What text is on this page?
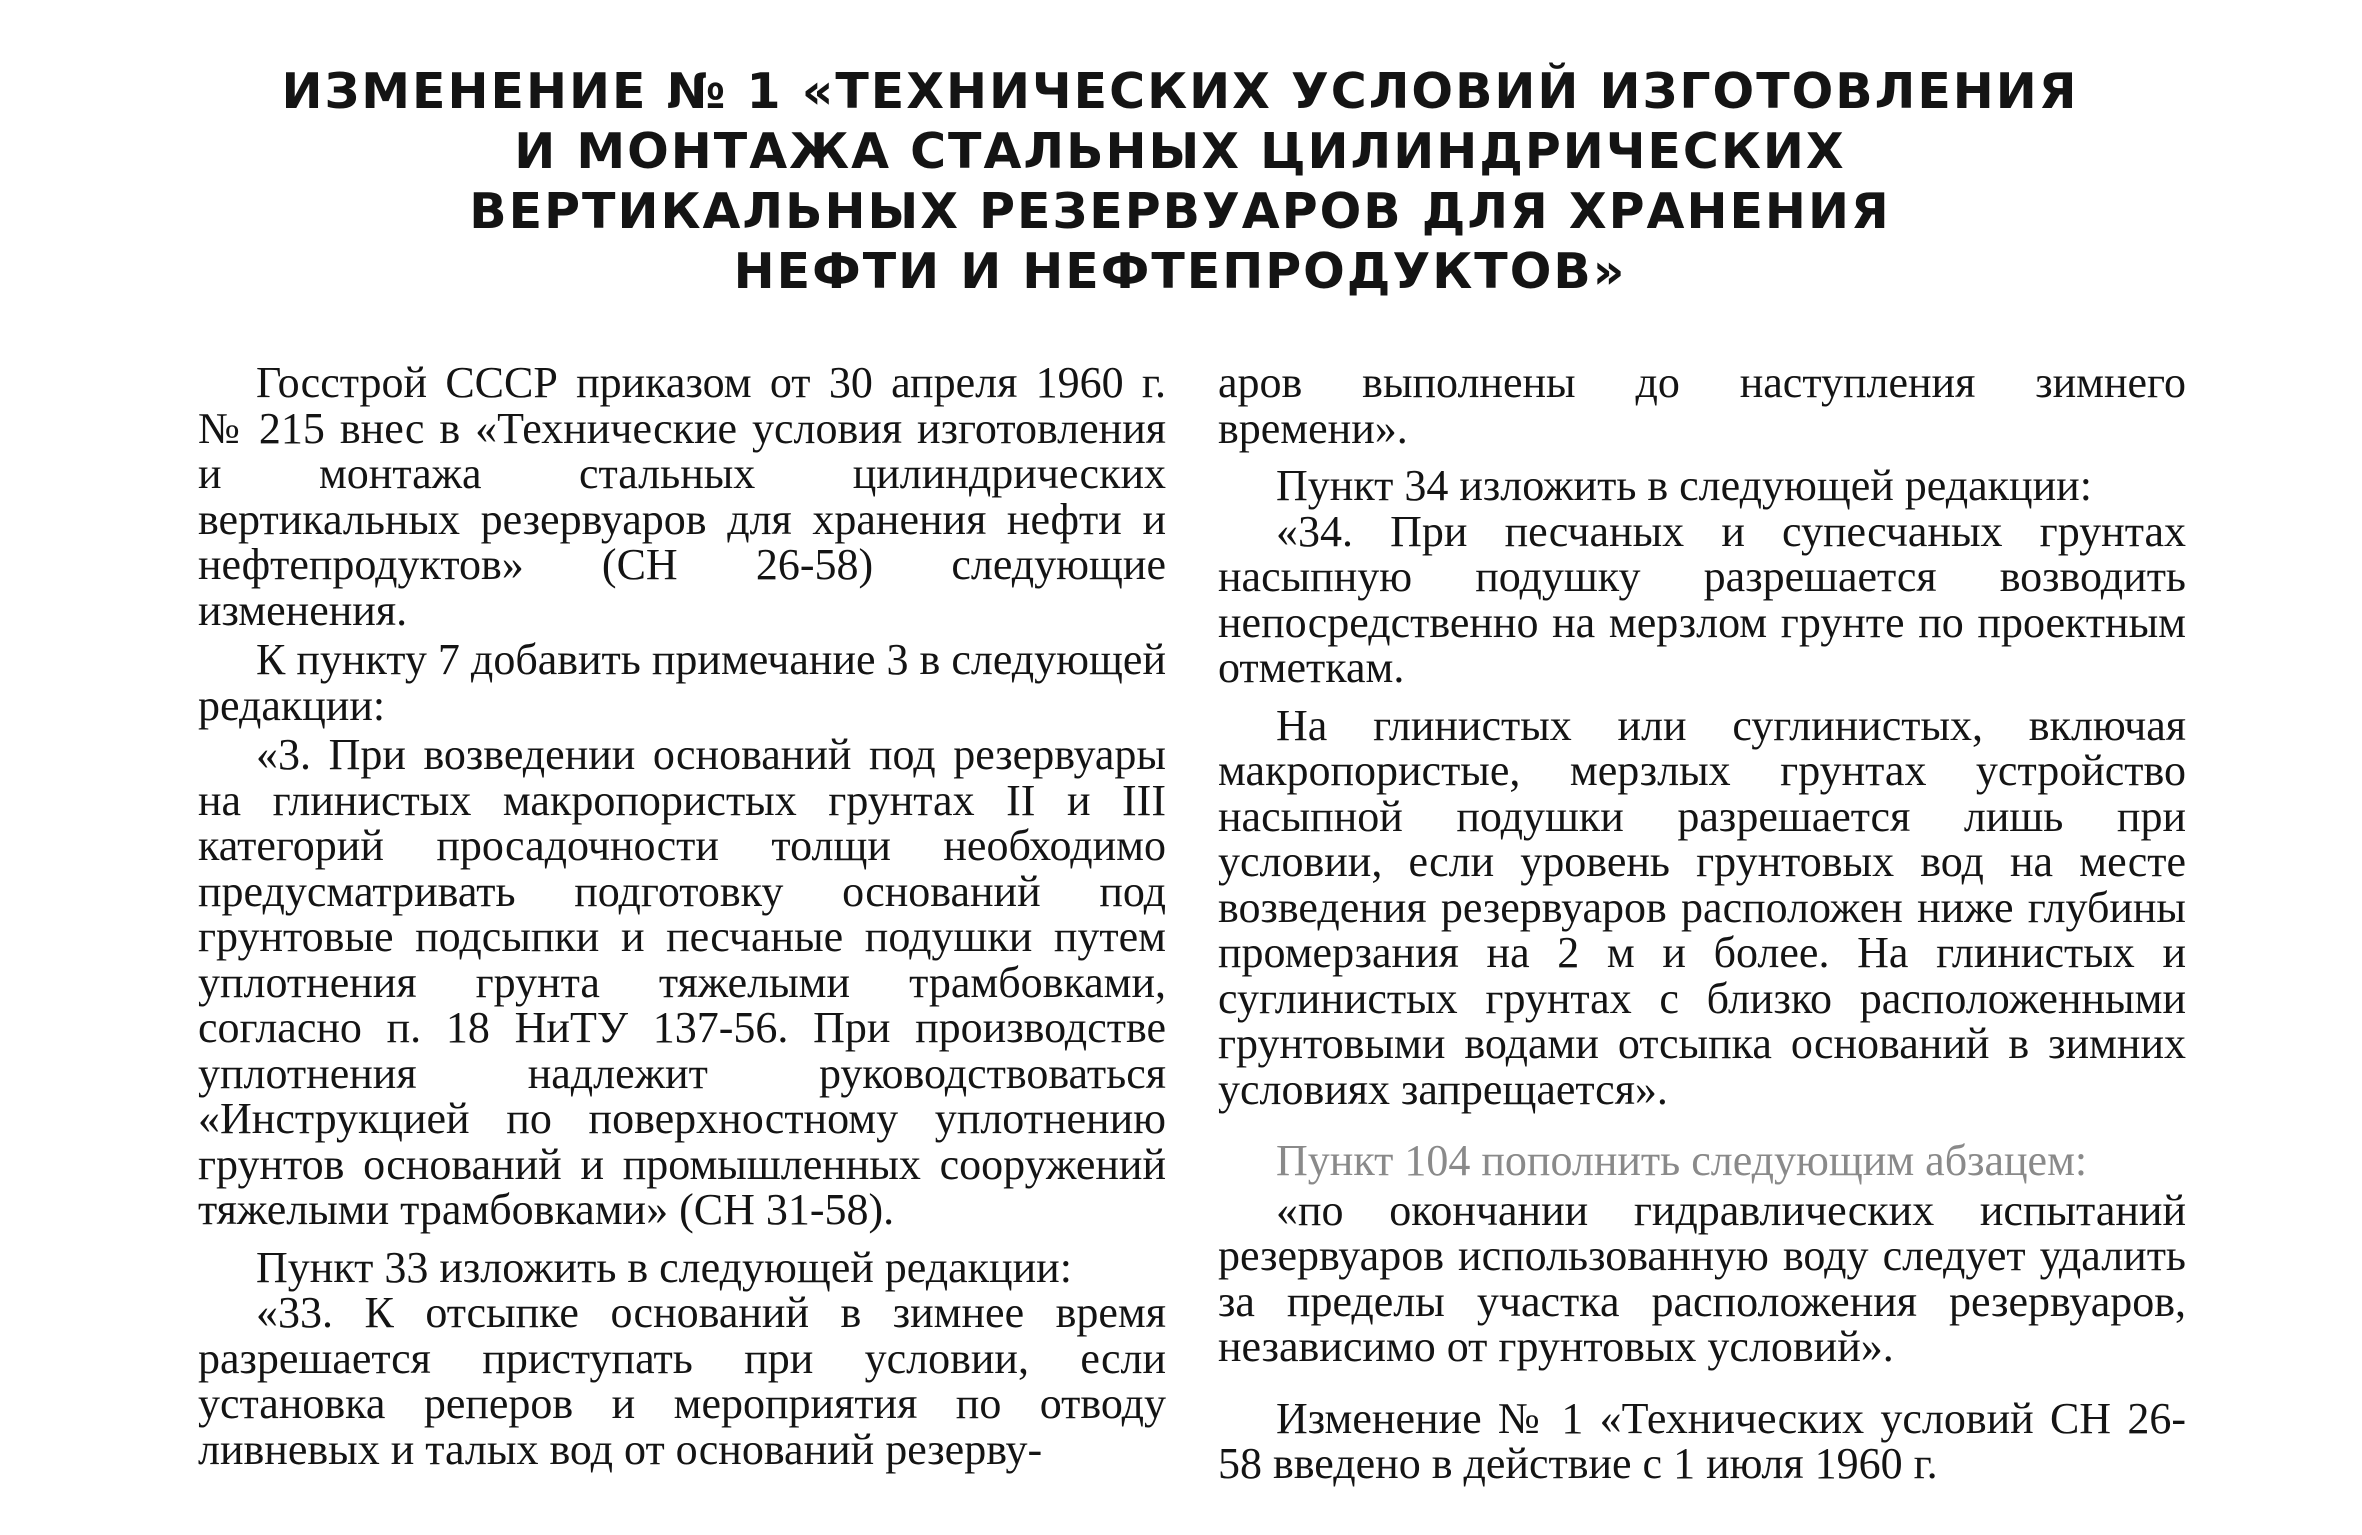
ИЗМЕНЕНИЕ № 1 «ТЕХНИЧЕСКИХ УСЛОВИЙ ИЗГОТОВЛЕНИЯ
И МОНТАЖА СТАЛЬНЫХ ЦИЛИНДРИЧЕСКИХ
ВЕРТИКАЛЬНЫХ РЕЗЕРВУАРОВ ДЛЯ ХРАНЕНИЯ
НЕФТИ И НЕФТЕПРОДУКТОВ»

Госстрой СССР приказом от 30 апреля 1960 г. № 215 внес в «Технические условия изготовления и монтажа стальных цилиндрических вертикальных резервуаров для хранения нефти и нефтепродуктов» (СН 26-58) следующие изменения.

К пункту 7 добавить примечание 3 в следующей редакции:

«3. При возведении оснований под резервуары на глинистых макропористых грунтах II и III категорий просадочности толщи необходимо предусматривать подготовку оснований под грунтовые подсыпки и песчаные подушки путем уплотнения грунта тяжелыми трамбовками, согласно п. 18 НиТУ 137-56. При производстве уплотнения надлежит руководствоваться «Инструкцией по поверхностному уплотнению грунтов оснований и промышленных сооружений тяжелыми трамбовками» (СН 31-58).

Пункт 33 изложить в следующей редакции:

«33. К отсыпке оснований в зимнее время разрешается приступать при условии, если установка реперов и мероприятия по отводу ливневых и талых вод от оснований резерву-

аров выполнены до наступления зимнего времени».

Пункт 34 изложить в следующей редакции:

«34. При песчаных и супесчаных грунтах насыпную подушку разрешается возводить непосредственно на мерзлом грунте по проектным отметкам.

На глинистых или суглинистых, включая макропористые, мерзлых грунтах устройство насыпной подушки разрешается лишь при условии, если уровень грунтовых вод на месте возведения резервуаров расположен ниже глубины промерзания на 2 м и более. На глинистых и суглинистых грунтах с близко расположенными грунтовыми водами отсыпка оснований в зимних условиях запрещается».

Пункт 104 пополнить следующим абзацем:

«по окончании гидравлических испытаний резервуаров использованную воду следует удалить за пределы участка расположения резервуаров, независимо от грунтовых условий».

Изменение № 1 «Технических условий СН 26-58 введено в действие с 1 июля 1960 г.
